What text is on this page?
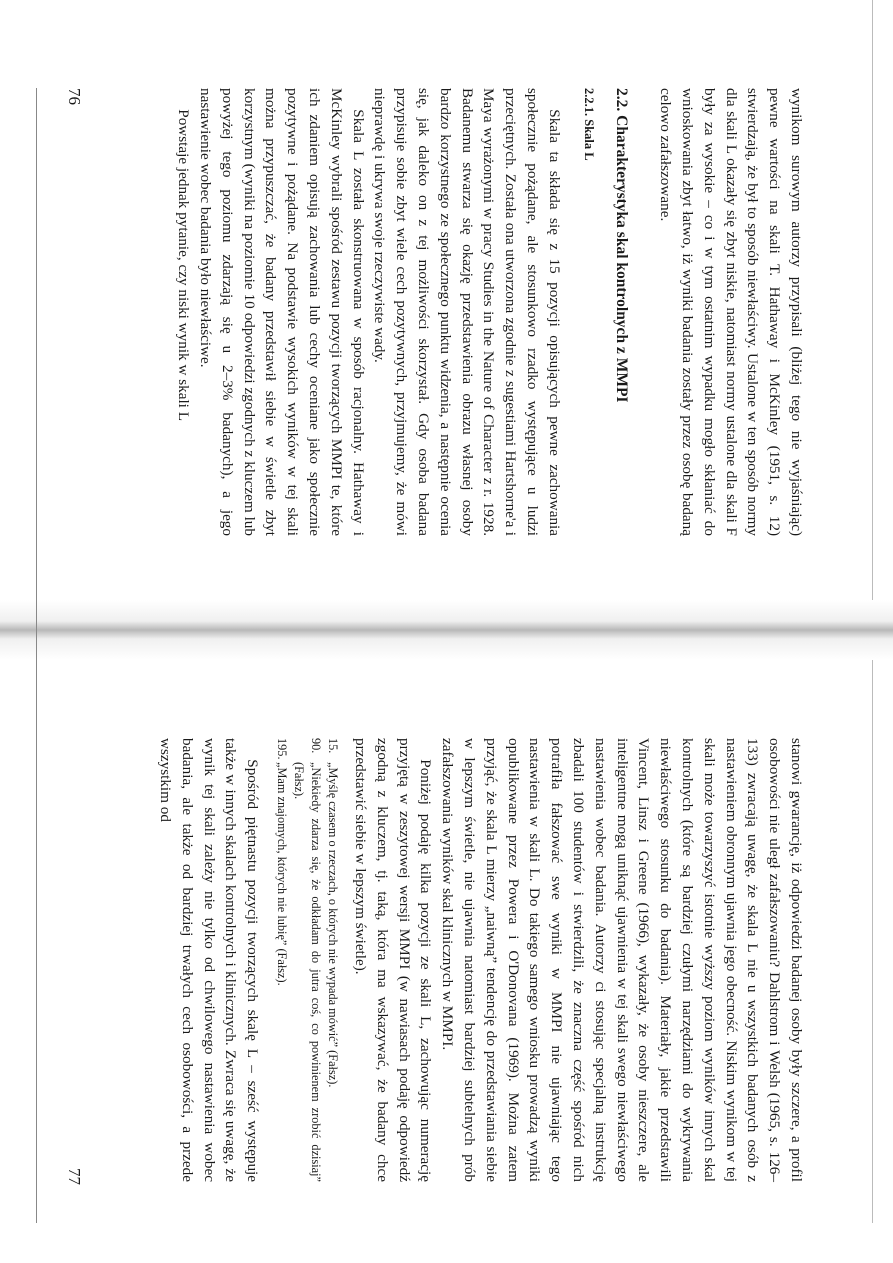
wynikom surowym autorzy przypisali (bliżej tego nie wyjaśniając) pewne wartości na skali T. Hathaway i McKinley (1951, s. 12) stwierdzają, że był to sposób niewłaściwy. Ustalone w ten sposób normy dla skali L okazały się zbyt niskie, natomiast normy ustalone dla skali F były za wysokie – co i w tym ostatnim wypadku mogło skłaniać do wnioskowania zbyt łatwo, iż wyniki badania zostały przez osobę badaną celowo zafałszowane.

2.2. Charakterystyka skal kontrolnych z MMPI
2.2.1. Skala L

Skala ta składa się z 15 pozycji opisujących pewne zachowania społecznie pożądane, ale stosunkowo rzadko występujące u ludzi przeciętnych. Została ona utworzona zgodnie z sugestiami Hartshorne'a i Maya wyrażonymi w pracy Studies in the Nature of Character z r. 1928. Badanemu stwarza się okazję przedstawienia obrazu własnej osoby bardzo korzystnego ze społecznego punktu widzenia, a następnie ocenia się, jak daleko on z tej możliwości skorzystał. Gdy osoba badana przypisuje sobie zbyt wiele cech pozytywnych, przyjmujemy, że mówi nieprawdę i ukrywa swoje rzeczywiste wady.

Skala L została skonstruowana w sposób racjonalny. Hathaway i McKinley wybrali spośród zestawu pozycji tworzących MMPI te, które ich zdaniem opisują zachowania lub cechy oceniane jako społecznie pozytywne i pożądane. Na podstawie wysokich wyników w tej skali można przypuszczać, że badany przedstawił siebie w świetle zbyt korzystnym (wyniki na poziomie 10 odpowiedzi zgodnych z kluczem lub powyżej tego poziomu zdarzają się u 2–3% badanych), a jego nastawienie wobec badania było niewłaściwe.

Powstaje jednak pytanie, czy niski wynik w skali L

76

stanowi gwarancję, iż odpowiedzi badanej osoby były szczere, a profil osobowości nie uległ zafałszowaniu? Dahlstrom i Welsh (1965, s. 126–133) zwracają uwagę, że skala L nie u wszystkich badanych osób z nastawieniem obronnym ujawnia jego obecność. Niskim wynikom w tej skali może towarzyszyć istotnie wyższy poziom wyników innych skal kontrolnych (które są bardziej czułymi narzędziami do wykrywania niewłaściwego stosunku do badania). Materiały, jakie przedstawili Vincent, Linsz i Greene (1966), wykazały, że osoby nieszczere, ale inteligentne mogą uniknąć ujawnienia w tej skali swego niewłaściwego nastawienia wobec badania. Autorzy ci stosując specjalną instrukcję zbadali 100 studentów i stwierdzili, że znaczna część spośród nich potrafiła fałszować swe wyniki w MMPI nie ujawniając tego nastawienia w skali L. Do takiego samego wniosku prowadzą wyniki opublikowane przez Powera i O'Donovana (1969). Można zatem przyjąć, że skala L mierzy „naiwną” tendencję do przedstawiania siebie w lepszym świetle, nie ujawnia natomiast bardziej subtelnych prób zafałszowania wyników skal klinicznych w MMPI.

Poniżej podaję kilka pozycji ze skali L, zachowując numerację przyjętą w zeszytowej wersji MMPI (w nawiasach podaję odpowiedź zgodną z kluczem, tj. taką, która ma wskazywać, że badany chce przedstawić siebie w lepszym świetle).

15.
„Myślę czasem o rzeczach, o których nie wypada mówić” (Fałsz).
90.
„Niekiedy zdarza się, że odkładam do jutra coś, co powinienem zrobić dzisiaj” (Fałsz).
195.
„Mam znajomych, których nie lubię” (Fałsz).

Spośród piętnastu pozycji tworzących skalę L – sześć występuje także w innych skalach kontrolnych i klinicznych. Zwraca się uwagę, że wynik tej skali zależy nie tylko od chwilowego nastawienia wobec badania, ale także od bardziej trwałych cech osobowości, a przede wszystkim od

77
